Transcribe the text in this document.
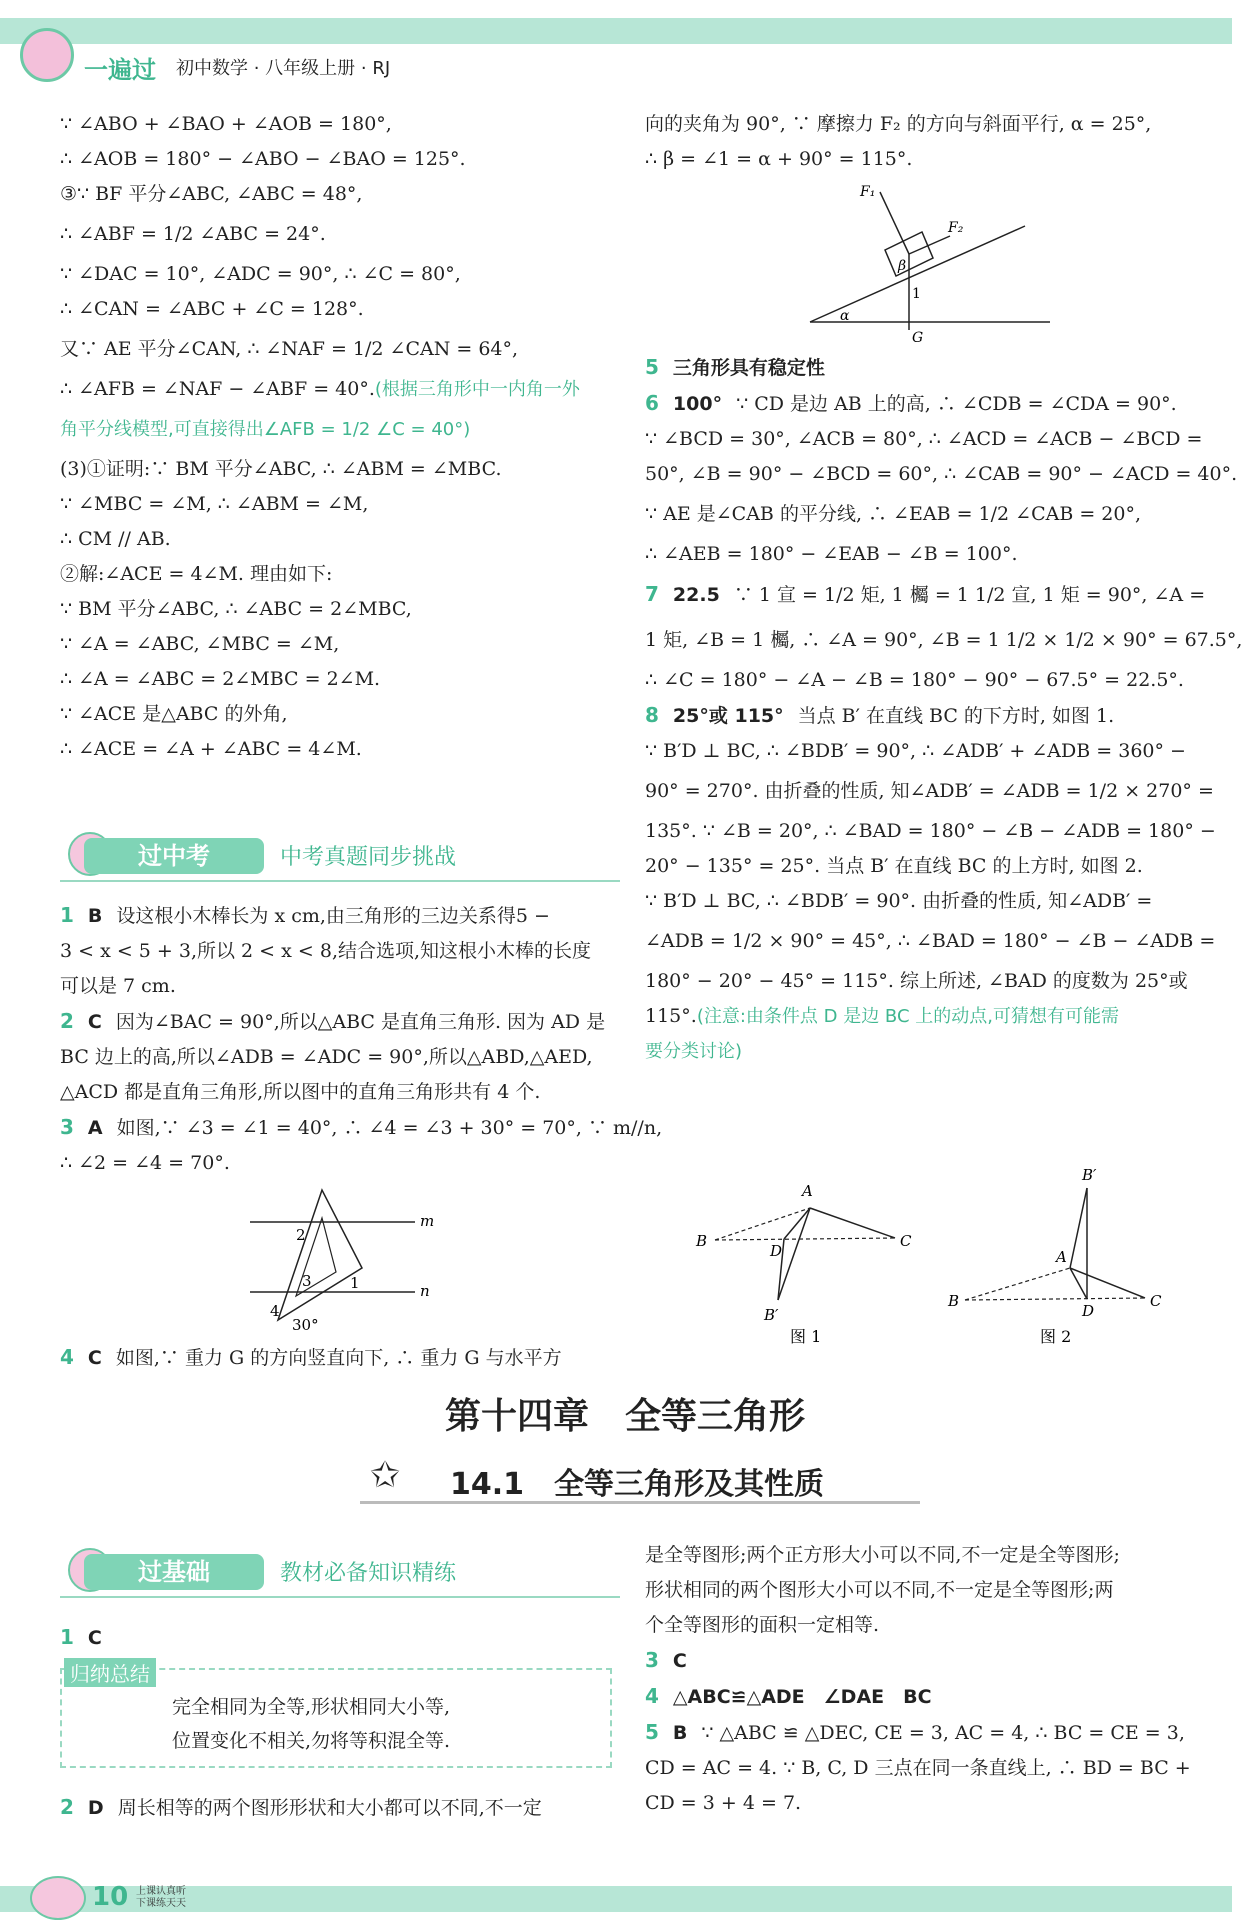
一遍过 初中数学 · 八年级上册 · RJ

∵ ∠ABO + ∠BAO + ∠AOB = 180°,

∴ ∠AOB = 180° − ∠ABO − ∠BAO = 125°.

③∵ BF 平分∠ABC, ∠ABC = 48°,

∴ ∠ABF = 1/2 ∠ABC = 24°.

∵ ∠DAC = 10°, ∠ADC = 90°, ∴ ∠C = 80°,

∴ ∠CAN = ∠ABC + ∠C = 128°.

又∵ AE 平分∠CAN, ∴ ∠NAF = 1/2 ∠CAN = 64°,

∴ ∠AFB = ∠NAF − ∠ABF = 40°.(根据三角形中一内角一外

角平分线模型,可直接得出∠AFB = 1/2 ∠C = 40°)

(3)①证明:∵ BM 平分∠ABC, ∴ ∠ABM = ∠MBC.

∵ ∠MBC = ∠M, ∴ ∠ABM = ∠M,

∴ CM // AB.

②解:∠ACE = 4∠M. 理由如下:

∵ BM 平分∠ABC, ∴ ∠ABC = 2∠MBC,

∵ ∠A = ∠ABC, ∠MBC = ∠M,

∴ ∠A = ∠ABC = 2∠MBC = 2∠M.

∵ ∠ACE 是△ABC 的外角,

∴ ∠ACE = ∠A + ∠ABC = 4∠M.

过中考	中考真题同步挑战

1 B 设这根小木棒长为 x cm,由三角形的三边关系得5 −

3 < x < 5 + 3,所以 2 < x < 8,结合选项,知这根小木棒的长度

可以是 7 cm.

2 C 因为∠BAC = 90°,所以△ABC 是直角三角形. 因为 AD 是

BC 边上的高,所以∠ADB = ∠ADC = 90°,所以△ABD,△AED,

△ACD 都是直角三角形,所以图中的直角三角形共有 4 个.

3 A 如图,∵ ∠3 = ∠1 = 40°, ∴ ∠4 = ∠3 + 30° = 70°, ∵ m//n,

∴ ∠2 = ∠4 = 70°.

m
n
30°
1
2
3
4

4 C 如图,∵ 重力 G 的方向竖直向下, ∴ 重力 G 与水平方

向的夹角为 90°, ∵ 摩擦力 F₂ 的方向与斜面平行, α = 25°,

∴ β = ∠1 = α + 90° = 115°.

F₁
F₂
G
β
1
α

5 三角形具有稳定性

6 100° ∵ CD 是边 AB 上的高, ∴ ∠CDB = ∠CDA = 90°.

∵ ∠BCD = 30°, ∠ACB = 80°, ∴ ∠ACD = ∠ACB − ∠BCD =

50°, ∠B = 90° − ∠BCD = 60°, ∴ ∠CAB = 90° − ∠ACD = 40°.

∵ AE 是∠CAB 的平分线, ∴ ∠EAB = 1/2 ∠CAB = 20°,

∴ ∠AEB = 180° − ∠EAB − ∠B = 100°.

7 22.5 ∵ 1 宣 = 1/2 矩, 1 欘 = 1 1/2 宣, 1 矩 = 90°, ∠A =

1 矩, ∠B = 1 欘, ∴ ∠A = 90°, ∠B = 1 1/2 × 1/2 × 90° = 67.5°,

∴ ∠C = 180° − ∠A − ∠B = 180° − 90° − 67.5° = 22.5°.

8 25°或 115° 当点 B′ 在直线 BC 的下方时, 如图 1.

∵ B′D ⊥ BC, ∴ ∠BDB′ = 90°, ∴ ∠ADB′ + ∠ADB = 360° −

90° = 270°. 由折叠的性质, 知∠ADB′ = ∠ADB = 1/2 × 270° =

135°. ∵ ∠B = 20°, ∴ ∠BAD = 180° − ∠B − ∠ADB = 180° −

20° − 135° = 25°. 当点 B′ 在直线 BC 的上方时, 如图 2.

∵ B′D ⊥ BC, ∴ ∠BDB′ = 90°. 由折叠的性质, 知∠ADB′ =

∠ADB = 1/2 × 90° = 45°, ∴ ∠BAD = 180° − ∠B − ∠ADB =

180° − 20° − 45° = 115°. 综上所述, ∠BAD 的度数为 25°或

115°.(注意:由条件点 D 是边 BC 上的动点,可猜想有可能需

要分类讨论)

A
B	C
D
B′
图 1
B′
A
B	C
D
图 2
第十四章　全等三角形
✩ 14.1　全等三角形及其性质
过基础	教材必备知识精练

1 C

归纳总结

完全相同为全等,形状相同大小等,

位置变化不相关,勿将等积混全等.

2 D 周长相等的两个图形形状和大小都可以不同,不一定

是全等图形;两个正方形大小可以不同,不一定是全等图形;

形状相同的两个图形大小可以不同,不一定是全等图形;两

个全等图形的面积一定相等.

3 C

4 △ABC≌△ADE　∠DAE　BC

5 B ∵ △ABC ≌ △DEC, CE = 3, AC = 4, ∴ BC = CE = 3,

CD = AC = 4. ∵ B, C, D 三点在同一条直线上, ∴ BD = BC +

CD = 3 + 4 = 7.

10 上课认真听
下课练天天
